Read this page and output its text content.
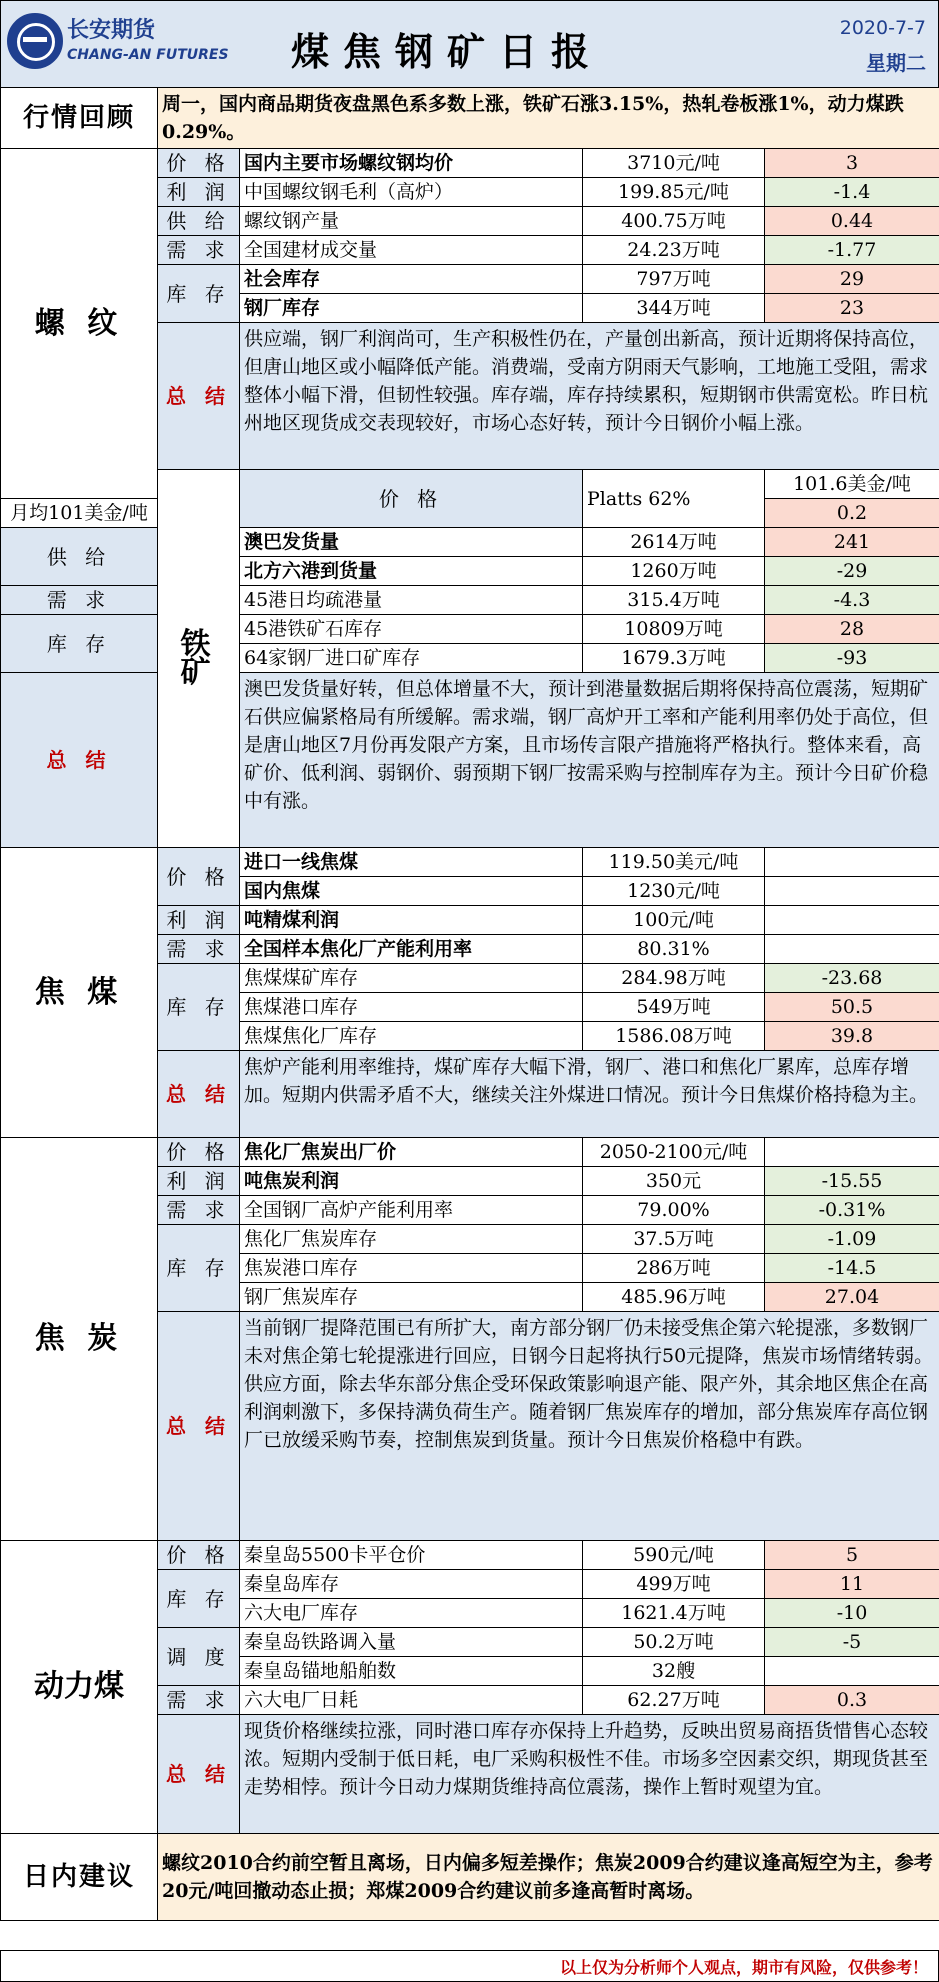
长安期货
CHANG-AN FUTURES 煤焦钢矿日报
2020-7-7
星期二
行情回顾	周一，国内商品期货夜盘黑色系多数上涨，铁矿石涨3.15%，热轧卷板涨1%，动力煤跌0.29%。				
螺 纹	价 格	国内主要市场螺纹钢均价	3710元/吨	3	
	利 润	中国螺纹钢毛利（高炉）	199.85元/吨	-1.4	
	供 给	螺纹钢产量	400.75万吨	0.44	
	需 求	全国建材成交量	24.23万吨	-1.77	
	库 存	社会库存	797万吨	29	
		钢厂库存	344万吨	23	
	总 结	供应端，钢厂利润尚可，生产积极性仍在，产量创出新高，预计近期将保持高位，但唐山地区或小幅降低产能。消费端，受南方阴雨天气影响，工地施工受阻，需求整体小幅下滑，但韧性较强。库存端，库存持续累积，短期钢市供需宽松。昨日杭州地区现货成交表现较好，市场心态好转，预计今日钢价小幅上涨。			
	铁 矿	价 格	Platts 62%	101.6美金/吨	
月均101美金/吨				0.2	
供 给		澳巴发货量	2614万吨	241	
		北方六港到货量	1260万吨	-29	
需 求		45港日均疏港量	315.4万吨	-4.3	
库 存		45港铁矿石库存	10809万吨	28	
		64家钢厂进口矿库存	1679.3万吨	-93	
总 结		澳巴发货量好转，但总体增量不大，预计到港量数据后期将保持高位震荡，短期矿石供应偏紧格局有所缓解。需求端，钢厂高炉开工率和产能利用率仍处于高位，但是唐山地区7月份再发限产方案，且市场传言限产措施将严格执行。整体来看，高矿价、低利润、弱钢价、弱预期下钢厂按需采购与控制库存为主。预计今日矿价稳中有涨。			
焦 煤	价 格	进口一线焦煤	119.50美元/吨		
		国内焦煤	1230元/吨		
	利 润	吨精煤利润	100元/吨		
	需 求	全国样本焦化厂产能利用率	80.31%		
	库 存	焦煤煤矿库存	284.98万吨	-23.68	
		焦煤港口库存	549万吨	50.5	
		焦煤焦化厂库存	1586.08万吨	39.8	
	总 结	焦炉产能利用率维持，煤矿库存大幅下滑，钢厂、港口和焦化厂累库，总库存增加。短期内供需矛盾不大，继续关注外煤进口情况。预计今日焦煤价格持稳为主。			
焦 炭	价 格	焦化厂焦炭出厂价	2050-2100元/吨		
	利 润	吨焦炭利润	350元	-15.55	
	需 求	全国钢厂高炉产能利用率	79.00%	-0.31%	
	库 存	焦化厂焦炭库存	37.5万吨	-1.09	
		焦炭港口库存	286万吨	-14.5	
		钢厂焦炭库存	485.96万吨	27.04	
	总 结	当前钢厂提降范围已有所扩大，南方部分钢厂仍未接受焦企第六轮提涨，多数钢厂未对焦企第七轮提涨进行回应，日钢今日起将执行50元提降，焦炭市场情绪转弱。供应方面，除去华东部分焦企受环保政策影响退产能、限产外，其余地区焦企在高利润刺激下，多保持满负荷生产。随着钢厂焦炭库存的增加，部分焦炭库存高位钢厂已放缓采购节奏，控制焦炭到货量。预计今日焦炭价格稳中有跌。			
动力煤	价 格	秦皇岛5500卡平仓价	590元/吨	5	
	库 存	秦皇岛库存	499万吨	11	
		六大电厂库存	1621.4万吨	-10	
	调 度	秦皇岛铁路调入量	50.2万吨	-5	
		秦皇岛锚地船舶数	32艘		
	需 求	六大电厂日耗	62.27万吨	0.3	
	总 结	现货价格继续拉涨，同时港口库存亦保持上升趋势，反映出贸易商捂货惜售心态较浓。短期内受制于低日耗，电厂采购积极性不佳。市场多空因素交织，期现货甚至走势相悖。预计今日动力煤期货维持高位震荡，操作上暂时观望为宜。			
日内建议	螺纹2010合约前空暂且离场，日内偏多短差操作；焦炭2009合约建议逢高短空为主，参考20元/吨回撤动态止损；郑煤2009合约建议前多逢高暂时离场。				
以上仅为分析师个人观点，期市有风险，仅供参考！
